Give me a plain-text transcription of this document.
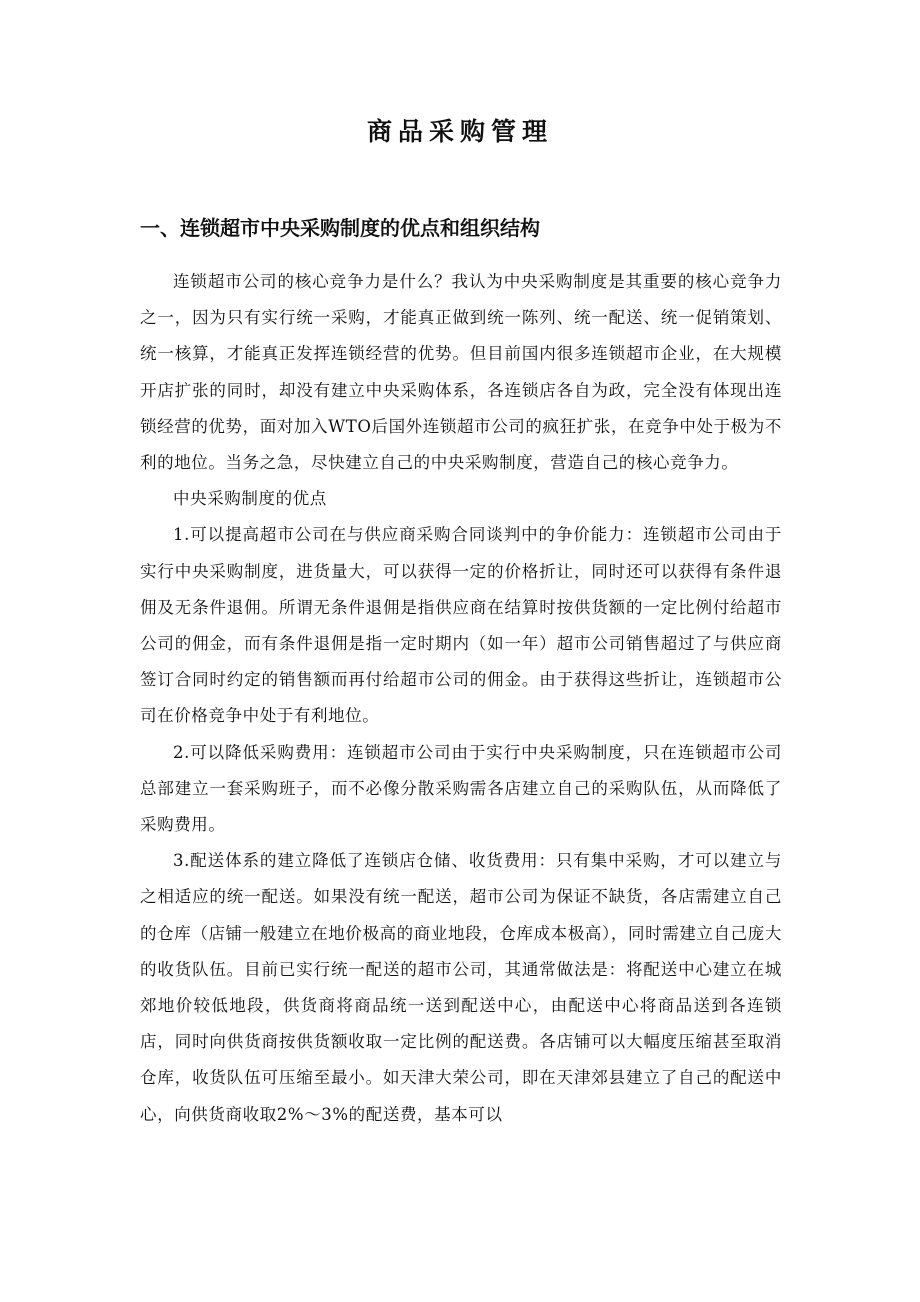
商品采购管理
一、连锁超市中央采购制度的优点和组织结构

连锁超市公司的核心竞争力是什么？我认为中央采购制度是其重要的核心竞争力之一，因为只有实行统一采购，才能真正做到统一陈列、统一配送、统一促销策划、统一核算，才能真正发挥连锁经营的优势。但目前国内很多连锁超市企业，在大规模开店扩张的同时，却没有建立中央采购体系，各连锁店各自为政，完全没有体现出连锁经营的优势，面对加入WTO后国外连锁超市公司的疯狂扩张，在竞争中处于极为不利的地位。当务之急，尽快建立自己的中央采购制度，营造自己的核心竞争力。

中央采购制度的优点

1.可以提高超市公司在与供应商采购合同谈判中的争价能力：连锁超市公司由于实行中央采购制度，进货量大，可以获得一定的价格折让，同时还可以获得有条件退佣及无条件退佣。所谓无条件退佣是指供应商在结算时按供货额的一定比例付给超市公司的佣金，而有条件退佣是指一定时期内（如一年）超市公司销售超过了与供应商签订合同时约定的销售额而再付给超市公司的佣金。由于获得这些折让，连锁超市公司在价格竞争中处于有利地位。

2.可以降低采购费用：连锁超市公司由于实行中央采购制度，只在连锁超市公司总部建立一套采购班子，而不必像分散采购需各店建立自己的采购队伍，从而降低了采购费用。

3.配送体系的建立降低了连锁店仓储、收货费用：只有集中采购，才可以建立与之相适应的统一配送。如果没有统一配送，超市公司为保证不缺货，各店需建立自己的仓库（店铺一般建立在地价极高的商业地段，仓库成本极高），同时需建立自己庞大的收货队伍。目前已实行统一配送的超市公司，其通常做法是：将配送中心建立在城郊地价较低地段，供货商将商品统一送到配送中心，由配送中心将商品送到各连锁店，同时向供货商按供货额收取一定比例的配送费。各店铺可以大幅度压缩甚至取消仓库，收货队伍可压缩至最小。如天津大荣公司，即在天津郊县建立了自己的配送中心，向供货商收取2%～3%的配送费，基本可以
